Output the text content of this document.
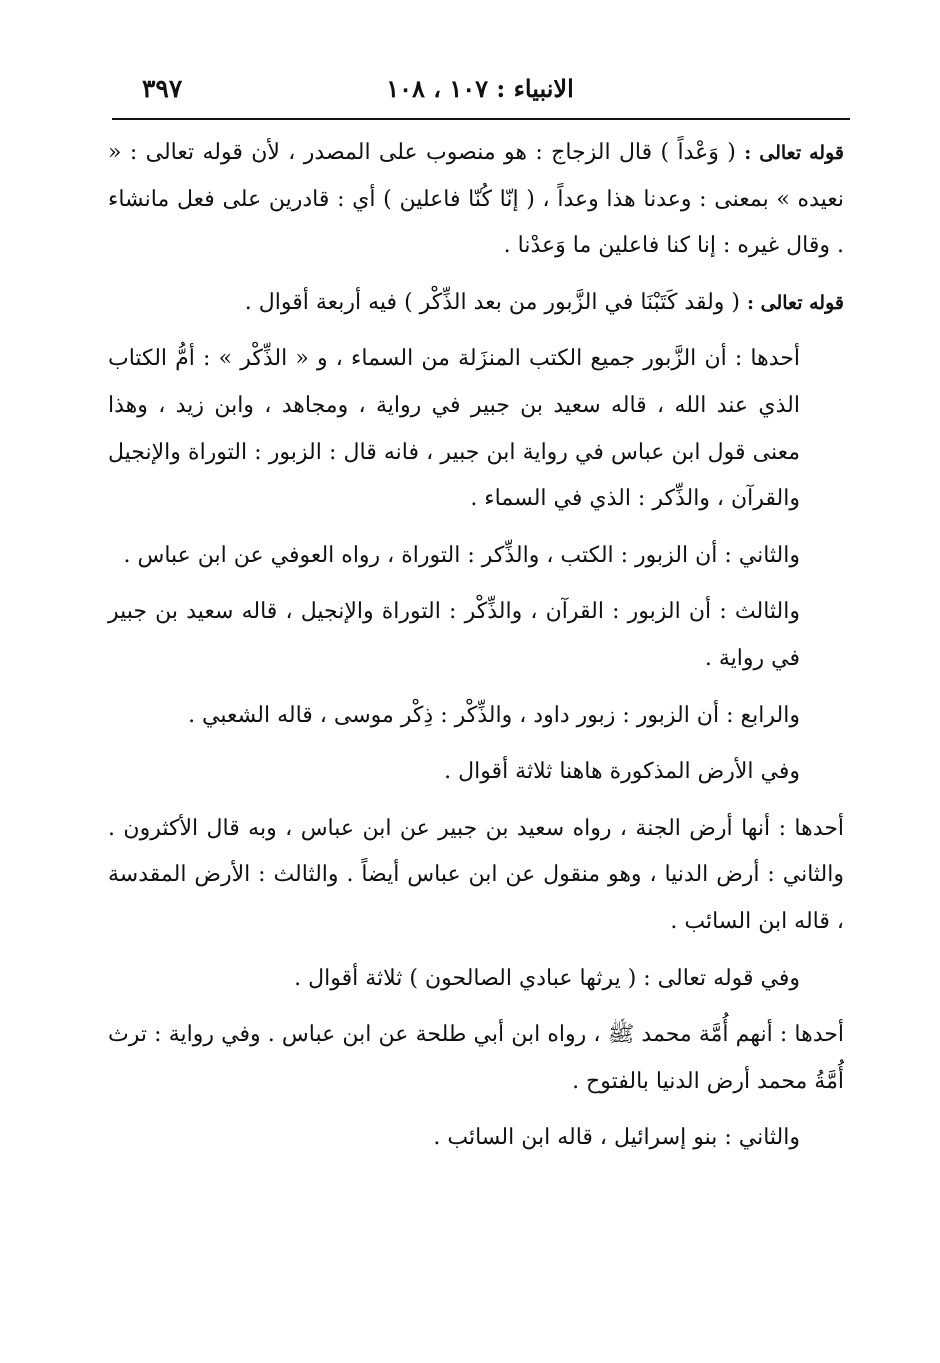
٣٩٧	الانبياء : ١٠٧ ، ١٠٨

قوله تعالى : ( وَعْداً ) قال الزجاج : هو منصوب على المصدر ، لأن قوله تعالى : « نعيده » بمعنى : وعدنا هذا وعداً ، ( إنّا كُنّا فاعلين ) أي : قادرين على فعل مانشاء . وقال غيره : إنا كنا فاعلين ما وَعدْنا .

قوله تعالى : ( ولقد كَتَبْنَا في الزَّبور من بعد الذِّكْر ) فيه أربعة أقوال .

أحدها : أن الزَّبور جميع الكتب المنزَلة من السماء ، و « الذِّكْر » : أمُّ الكتاب الذي عند الله ، قاله سعيد بن جبير في رواية ، ومجاهد ، وابن زيد ، وهذا معنى قول ابن عباس في رواية ابن جبير ، فانه قال : الزبور : التوراة والإنجيل والقرآن ، والذِّكر : الذي في السماء .

والثاني : أن الزبور : الكتب ، والذِّكر : التوراة ، رواه العوفي عن ابن عباس .

والثالث : أن الزبور : القرآن ، والذِّكْر : التوراة والإنجيل ، قاله سعيد بن جبير في رواية .

والرابع : أن الزبور : زبور داود ، والذِّكْر : ذِكْر موسى ، قاله الشعبي .

وفي الأرض المذكورة هاهنا ثلاثة أقوال .

أحدها : أنها أرض الجنة ، رواه سعيد بن جبير عن ابن عباس ، وبه قال الأكثرون . والثاني : أرض الدنيا ، وهو منقول عن ابن عباس أيضاً . والثالث : الأرض المقدسة ، قاله ابن السائب .

وفي قوله تعالى : ( يرثها عبادي الصالحون ) ثلاثة أقوال .

أحدها : أنهم أُمَّة محمد ﷺ ، رواه ابن أبي طلحة عن ابن عباس . وفي رواية : ترث أُمَّةُ محمد أرض الدنيا بالفتوح .

والثاني : بنو إسرائيل ، قاله ابن السائب .
